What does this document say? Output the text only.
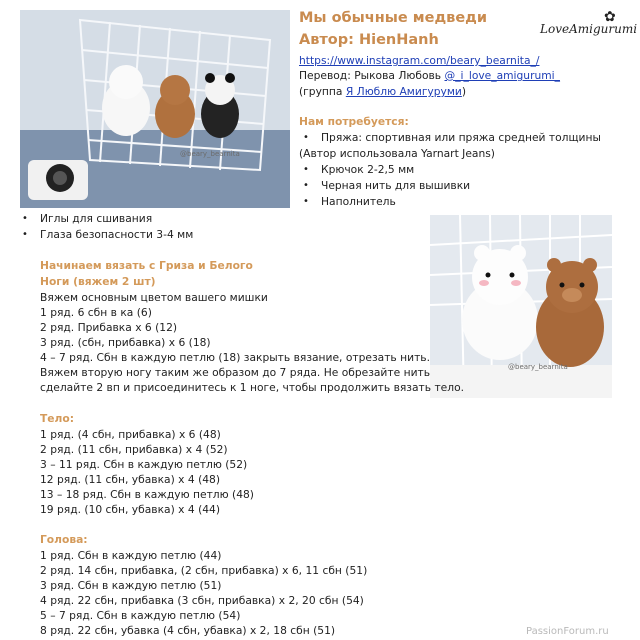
@beary_bearnita
Мы обычные медведи
Автор: HienHanh
LoveAmigurumi
✿
https://www.instagram.com/beary_bearnita_/
Перевод: Рыкова Любовь @_i_love_amigurumi_
(группа Я Люблю Амигуруми)
Нам потребуется:
• Пряжа: спортивная или пряжа средней толщины
(Автор использовала Yarnart Jeans)
• Крючок 2-2,5 мм
• Черная нить для вышивки
• Наполнитель
• Иглы для сшивания
• Глаза безопасности 3-4 мм
@beary_bearnita
Начинаем вязать с Гриза и Белого
Ноги (вяжем 2 шт)
Вяжем основным цветом вашего мишки
1 ряд. 6 сбн в ка (6)
2 ряд. Прибавка х 6 (12)
3 ряд. (сбн, прибавка) х 6 (18)
4 – 7 ряд. Сбн в каждую петлю (18) закрыть вязание, отрезать нить.
Вяжем вторую ногу таким же образом до 7 ряда. Не обрезайте нить
сделайте 2 вп и присоединитесь к 1 ноге, чтобы продолжить вязать тело.
Тело:
1 ряд. (4 сбн, прибавка) х 6 (48)
2 ряд. (11 сбн, прибавка) х 4 (52)
3 – 11 ряд. Сбн в каждую петлю (52)
12 ряд. (11 сбн, убавка) х 4 (48)
13 – 18 ряд. Сбн в каждую петлю (48)
19 ряд. (10 сбн, убавка) х 4 (44)
Голова:
1 ряд. Сбн в каждую петлю (44)
2 ряд. 14 сбн, прибавка, (2 сбн, прибавка) х 6, 11 сбн (51)
3 ряд. Сбн в каждую петлю (51)
4 ряд. 22 сбн, прибавка (3 сбн, прибавка) х 2, 20 сбн (54)
5 – 7 ряд. Сбн в каждую петлю (54)
8 ряд. 22 сбн, убавка (4 сбн, убавка) х 2, 18 сбн (51)	PassionForum.ru
